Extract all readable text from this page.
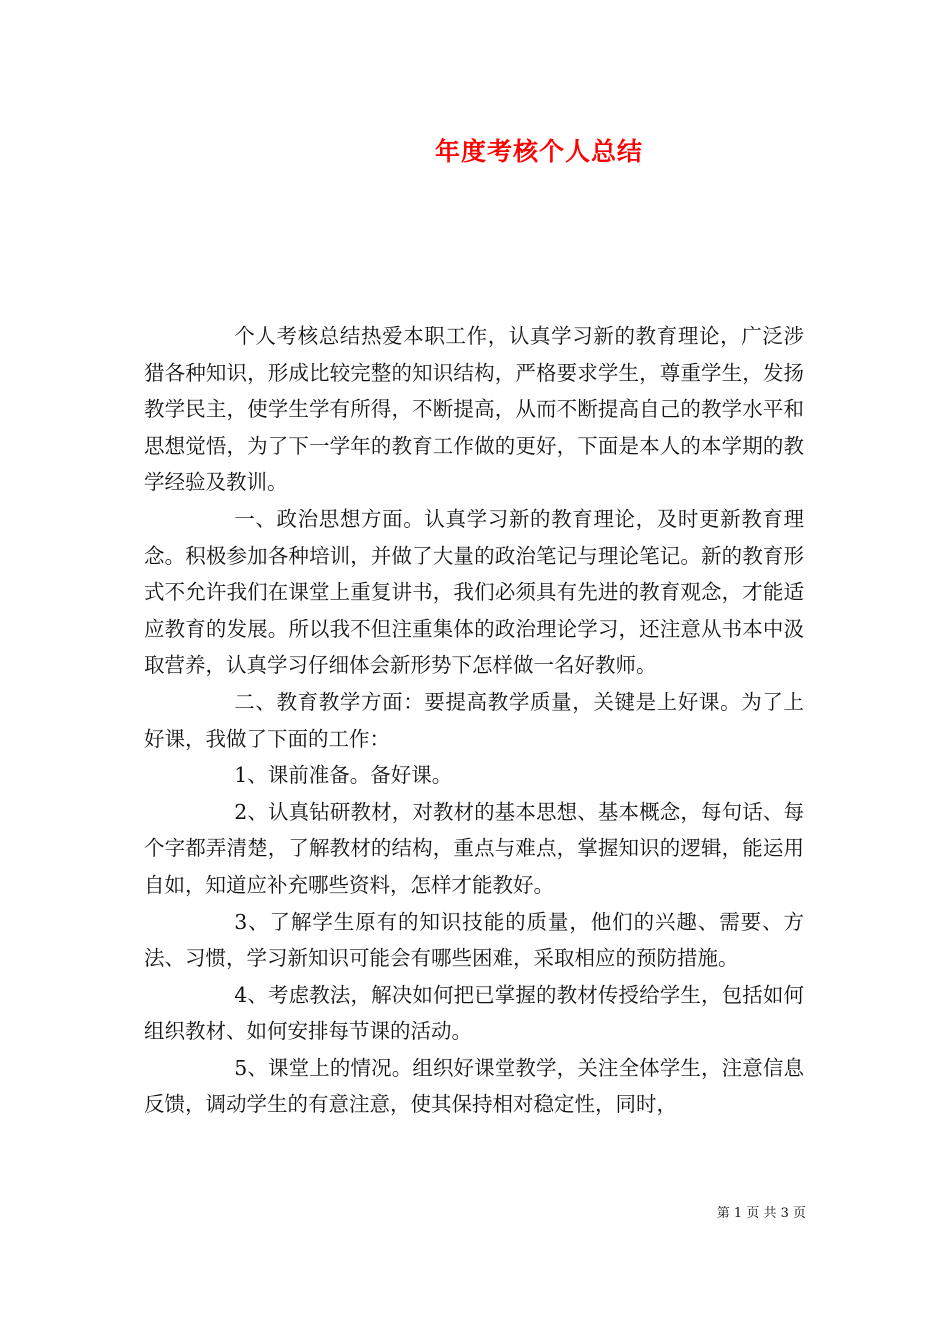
年度考核个人总结

个人考核总结热爱本职工作，认真学习新的教育理论，广泛涉猎各种知识，形成比较完整的知识结构，严格要求学生，尊重学生，发扬教学民主，使学生学有所得，不断提高，从而不断提高自己的教学水平和思想觉悟，为了下一学年的教育工作做的更好，下面是本人的本学期的教学经验及教训。

一、政治思想方面。认真学习新的教育理论，及时更新教育理念。积极参加各种培训，并做了大量的政治笔记与理论笔记。新的教育形式不允许我们在课堂上重复讲书，我们必须具有先进的教育观念，才能适应教育的发展。所以我不但注重集体的政治理论学习，还注意从书本中汲取营养，认真学习仔细体会新形势下怎样做一名好教师。

二、教育教学方面：要提高教学质量，关键是上好课。为了上好课，我做了下面的工作：

1、课前准备。备好课。

2、认真钻研教材，对教材的基本思想、基本概念，每句话、每个字都弄清楚，了解教材的结构，重点与难点，掌握知识的逻辑，能运用自如，知道应补充哪些资料，怎样才能教好。

3、了解学生原有的知识技能的质量，他们的兴趣、需要、方法、习惯，学习新知识可能会有哪些困难，采取相应的预防措施。

4、考虑教法，解决如何把已掌握的教材传授给学生，包括如何组织教材、如何安排每节课的活动。

5、课堂上的情况。组织好课堂教学，关注全体学生，注意信息反馈，调动学生的有意注意，使其保持相对稳定性，同时，

第 1 页 共 3 页
